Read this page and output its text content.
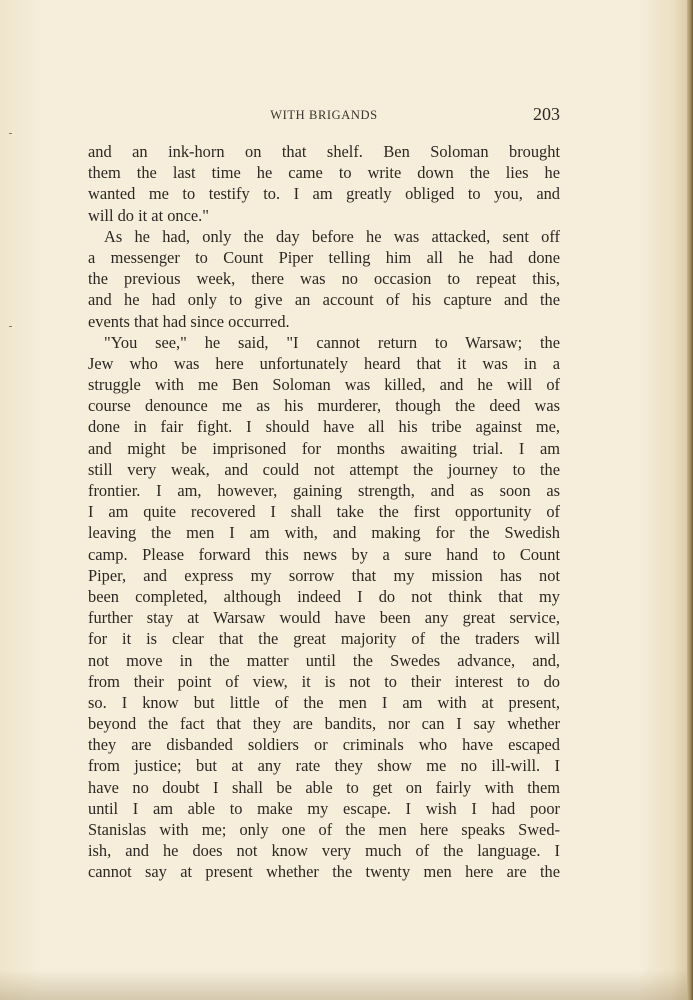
WITH BRIGANDS	203
and an ink-horn on that shelf. Ben Soloman brought
them the last time he came to write down the lies he
wanted me to testify to. I am greatly obliged to you, and
will do it at once."
As he had, only the day before he was attacked, sent off
a messenger to Count Piper telling him all he had done
the previous week, there was no occasion to repeat this,
and he had only to give an account of his capture and the
events that had since occurred.
"You see," he said, "I cannot return to Warsaw; the
Jew who was here unfortunately heard that it was in a
struggle with me Ben Soloman was killed, and he will of
course denounce me as his murderer, though the deed was
done in fair fight. I should have all his tribe against me,
and might be imprisoned for months awaiting trial. I am
still very weak, and could not attempt the journey to the
frontier. I am, however, gaining strength, and as soon as
I am quite recovered I shall take the first opportunity of
leaving the men I am with, and making for the Swedish
camp. Please forward this news by a sure hand to Count
Piper, and express my sorrow that my mission has not
been completed, although indeed I do not think that my
further stay at Warsaw would have been any great service,
for it is clear that the great majority of the traders will
not move in the matter until the Swedes advance, and,
from their point of view, it is not to their interest to do
so. I know but little of the men I am with at present,
beyond the fact that they are bandits, nor can I say whether
they are disbanded soldiers or criminals who have escaped
from justice; but at any rate they show me no ill-will. I
have no doubt I shall be able to get on fairly with them
until I am able to make my escape. I wish I had poor
Stanislas with me; only one of the men here speaks Swed-
ish, and he does not know very much of the language. I
cannot say at present whether the twenty men here are the
